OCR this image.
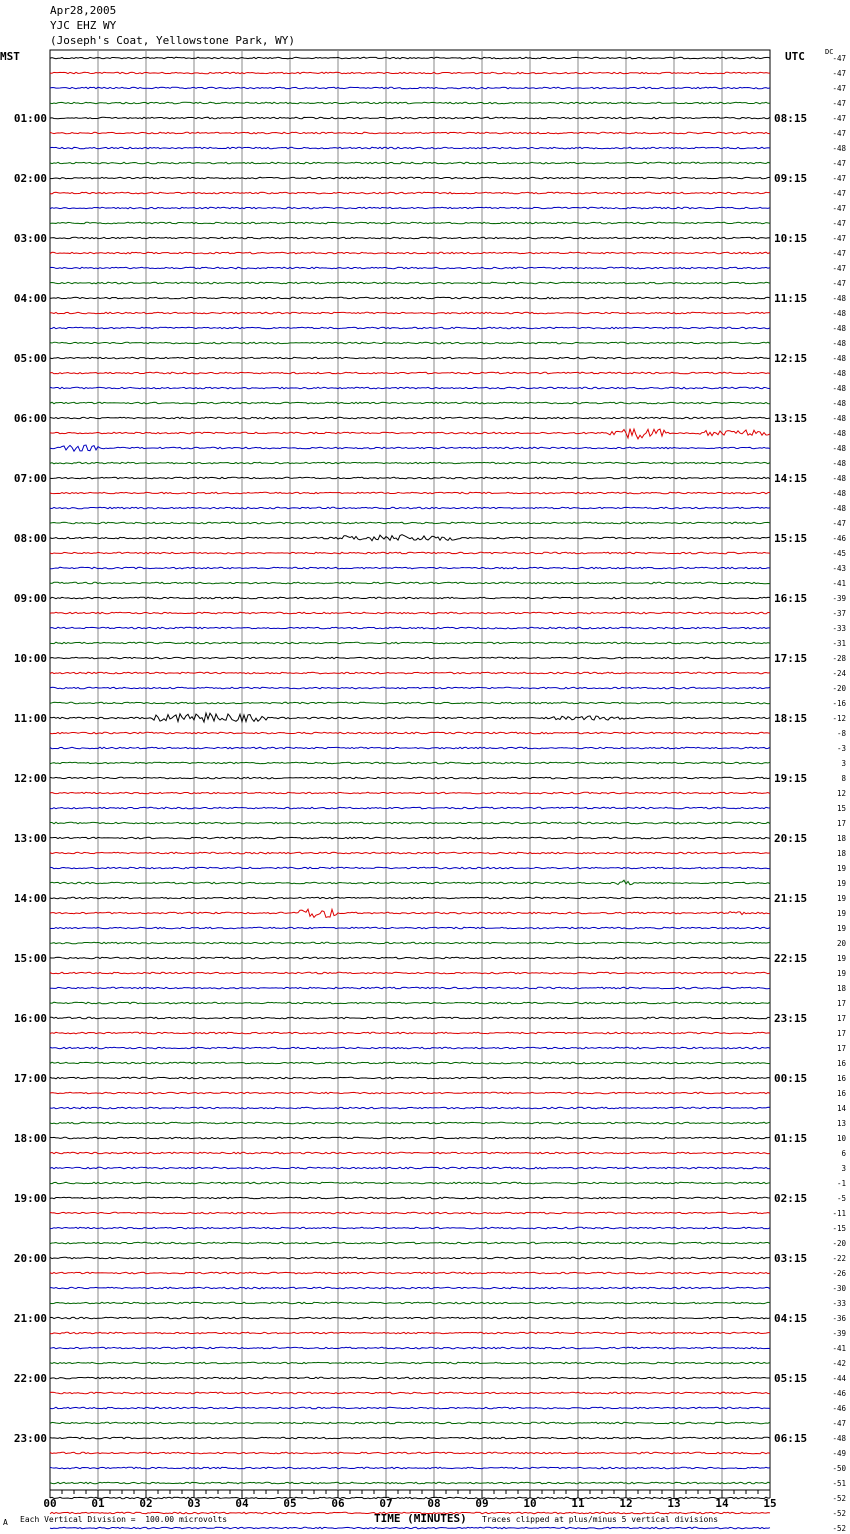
-47
-47
-47
-47
-47
-47
-48
-47
-47
-47
-47
-47
-47
-47
-47
-47
-48
-48
-48
-48
-48
-48
-48
-48
-48
-48
-48
-48
-48
-48
-48
-47
-46
-45
-43
-41
-39
-37
-33
-31
-28
-24
-20
-16
-12
-8
-3
3
8
12
15
17
18
18
19
19
19
19
19
20
19
19
18
17
17
17
17
16
16
16
14
13
10
6
3
-1
-5
-11
-15
-20
-22
-26
-30
-33
-36
-39
-41
-42
-44
-46
-46
-47
-48
-49
-50
-51
-52
-52
-52
01:00
02:00
03:00
04:00
05:00
06:00
07:00
08:00
09:00
10:00
11:00
12:00
13:00
14:00
15:00
16:00
17:00
18:00
19:00
20:00
21:00
22:00
23:00
08:15
09:15
10:15
11:15
12:15
13:15
14:15
15:15
16:15
17:15
18:15
19:15
20:15
21:15
22:15
23:15
00:15
01:15
02:15
03:15
04:15
05:15
06:15
00	01	02	03	04	05	06	07	08	09	10	11	12	13	14	15
Apr28,2005
YJC EHZ WY
(Joseph's Coat, Yellowstone Park, WY)
MST	UTC	DC
A Each Vertical Division =  100.00 microvolts	TIME (MINUTES) Traces clipped at plus/minus 5 vertical divisions
